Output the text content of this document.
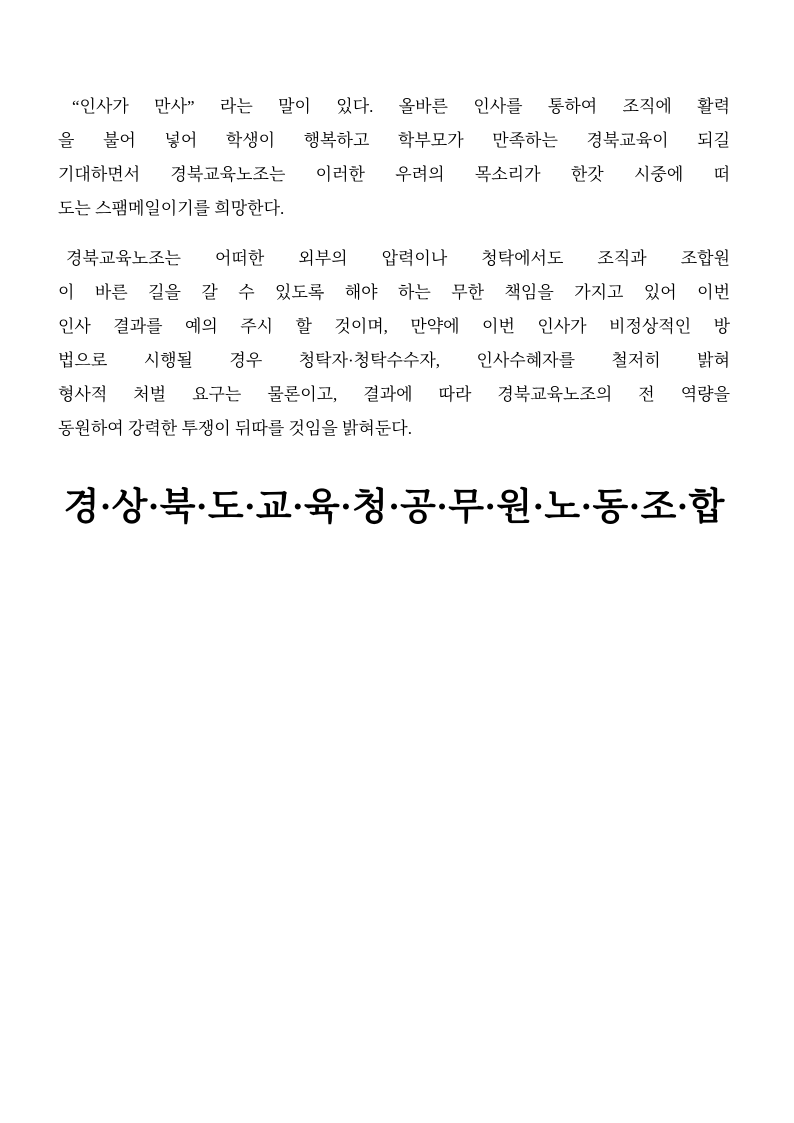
“인사가 만사” 라는 말이 있다. 올바른 인사를 통하여 조직에 활력
을 불어 넣어 학생이 행복하고 학부모가 만족하는 경북교육이 되길
기대하면서 경북교육노조는 이러한 우려의 목소리가 한갓 시중에 떠
도는 스팸메일이기를 희망한다.
경북교육노조는 어떠한 외부의 압력이나 청탁에서도 조직과 조합원
이 바른 길을 갈 수 있도록 해야 하는 무한 책임을 가지고 있어 이번
인사 결과를 예의 주시 할 것이며, 만약에 이번 인사가 비정상적인 방
법으로 시행될 경우 청탁자·청탁수수자, 인사수혜자를 철저히 밝혀
형사적 처벌 요구는 물론이고, 결과에 따라 경북교육노조의 전 역량을
동원하여 강력한 투쟁이 뒤따를 것임을 밝혀둔다.
경·상·북·도·교·육·청·공·무·원·노·동·조·합
